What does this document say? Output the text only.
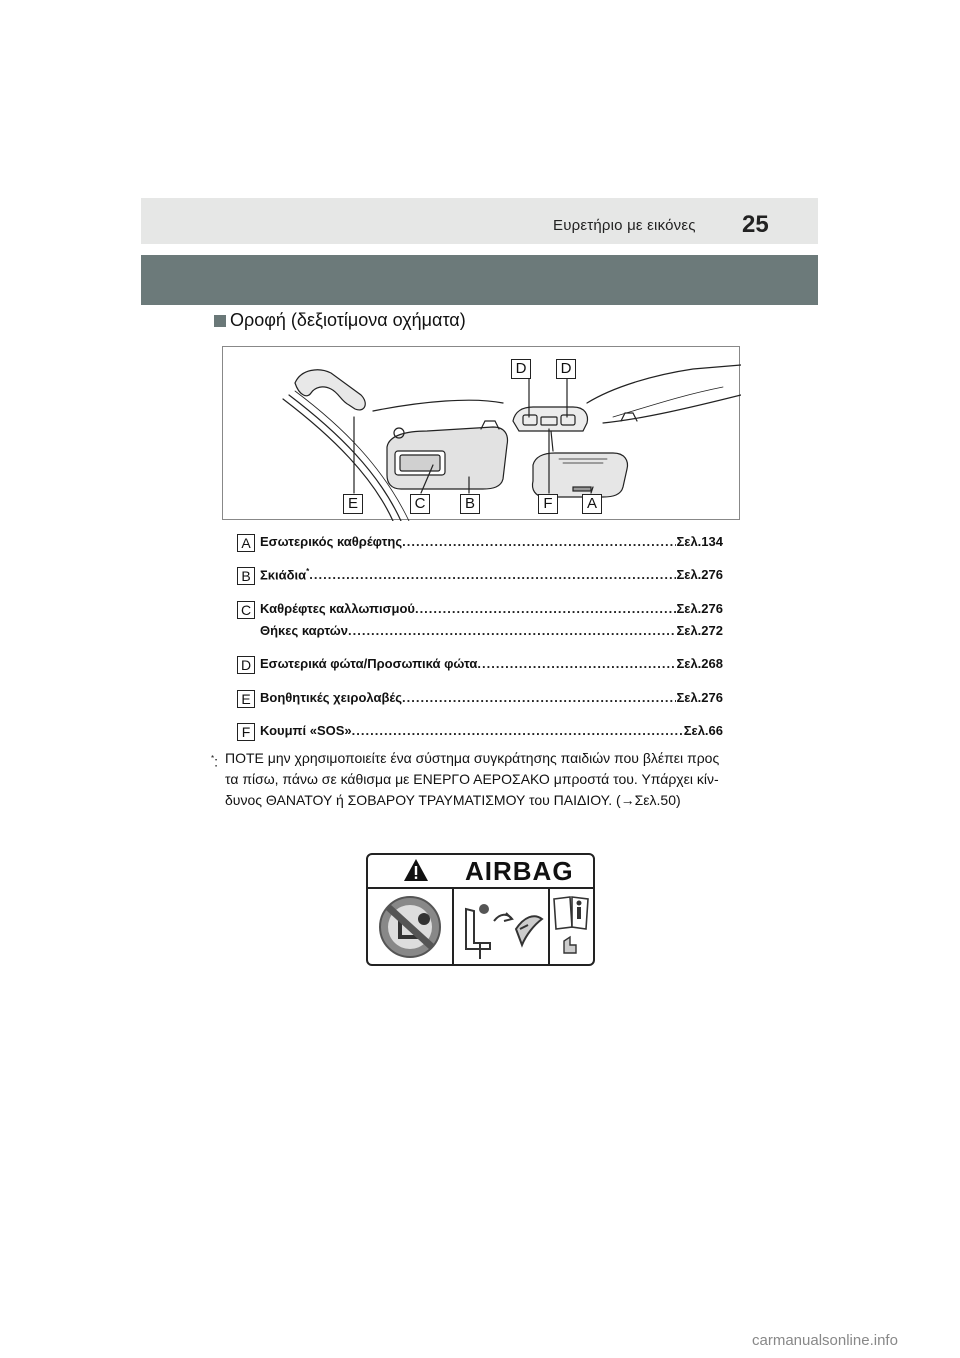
Ευρετήριο με εικόνες 25
Οροφή (δεξιοτίμονα οχήματα)
D	D
E	C	B	F	A
A Εσωτερικός καθρέφτης .....	Σελ.134
B Σκιάδια* .....	Σελ.276
C Καθρέφτες καλλωπισμού .....	Σελ.276
Θήκες καρτών .....	Σελ.272
D Εσωτερικά φώτα/Προσωπικά φώτα .....	Σελ.268
E Βοηθητικές χειρολαβές .....	Σελ.276
F Κουμπί «SOS» .....	Σελ.66
*: ΠΟΤΕ μην χρησιμοποιείτε ένα σύστημα συγκράτησης παιδιών που βλέπει προς
τα πίσω, πάνω σε κάθισμα με ΕΝΕΡΓΟ ΑΕΡΟΣΑΚΟ μπροστά του. Υπάρχει κίν-
δυνος ΘΑΝΑΤΟΥ ή ΣΟΒΑΡΟΥ ΤΡΑΥΜΑΤΙΣΜΟΥ του ΠΑΙΔΙΟΥ. (→Σελ.50)
AIRBAG
carmanualsonline.info
